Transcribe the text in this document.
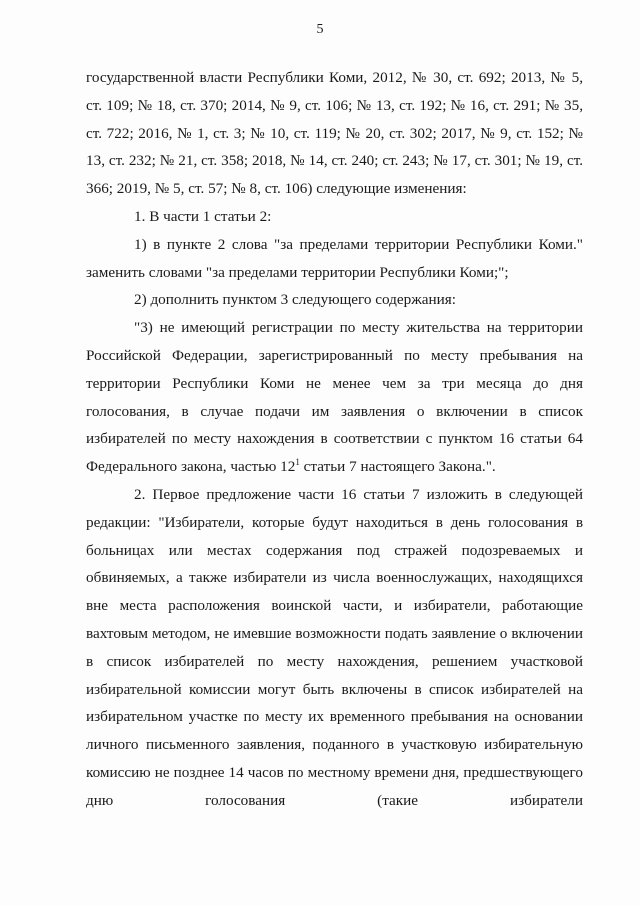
5

государственной власти Республики Коми, 2012, № 30, ст. 692; 2013, № 5, ст. 109; № 18, ст. 370; 2014, № 9, ст. 106; № 13, ст. 192; № 16, ст. 291; № 35, ст. 722; 2016, № 1, ст. 3; № 10, ст. 119; № 20, ст. 302; 2017, № 9, ст. 152; № 13, ст. 232; № 21, ст. 358; 2018, № 14, ст. 240; ст. 243; № 17, ст. 301; № 19, ст. 366; 2019, № 5, ст. 57; № 8, ст. 106) следующие изменения:

1. В части 1 статьи 2:

1) в пункте 2 слова "за пределами территории Республики Коми." заменить словами "за пределами территории Республики Коми;";

2) дополнить пунктом 3 следующего содержания:

"3) не имеющий регистрации по месту жительства на территории Российской Федерации, зарегистрированный по месту пребывания на территории Республики Коми не менее чем за три месяца до дня голосования, в случае подачи им заявления о включении в список избирателей по месту нахождения в соответствии с пунктом 16 статьи 64 Федерального закона, частью $12^1$ статьи 7 настоящего Закона.".

2. Первое предложение части 16 статьи 7 изложить в следующей редакции: "Избиратели, которые будут находиться в день голосования в больницах или местах содержания под стражей подозреваемых и обвиняемых, а также избиратели из числа военнослужащих, находящихся вне места расположения воинской части, и избиратели, работающие вахтовым методом, не имевшие возможности подать заявление о включении в список избирателей по месту нахождения, решением участковой избирательной комиссии могут быть включены в список избирателей на избирательном участке по месту их временного пребывания на основании личного письменного заявления, поданного в участковую избирательную комиссию не позднее 14 часов по местному времени дня, предшествующего дню голосования (такие избиратели
